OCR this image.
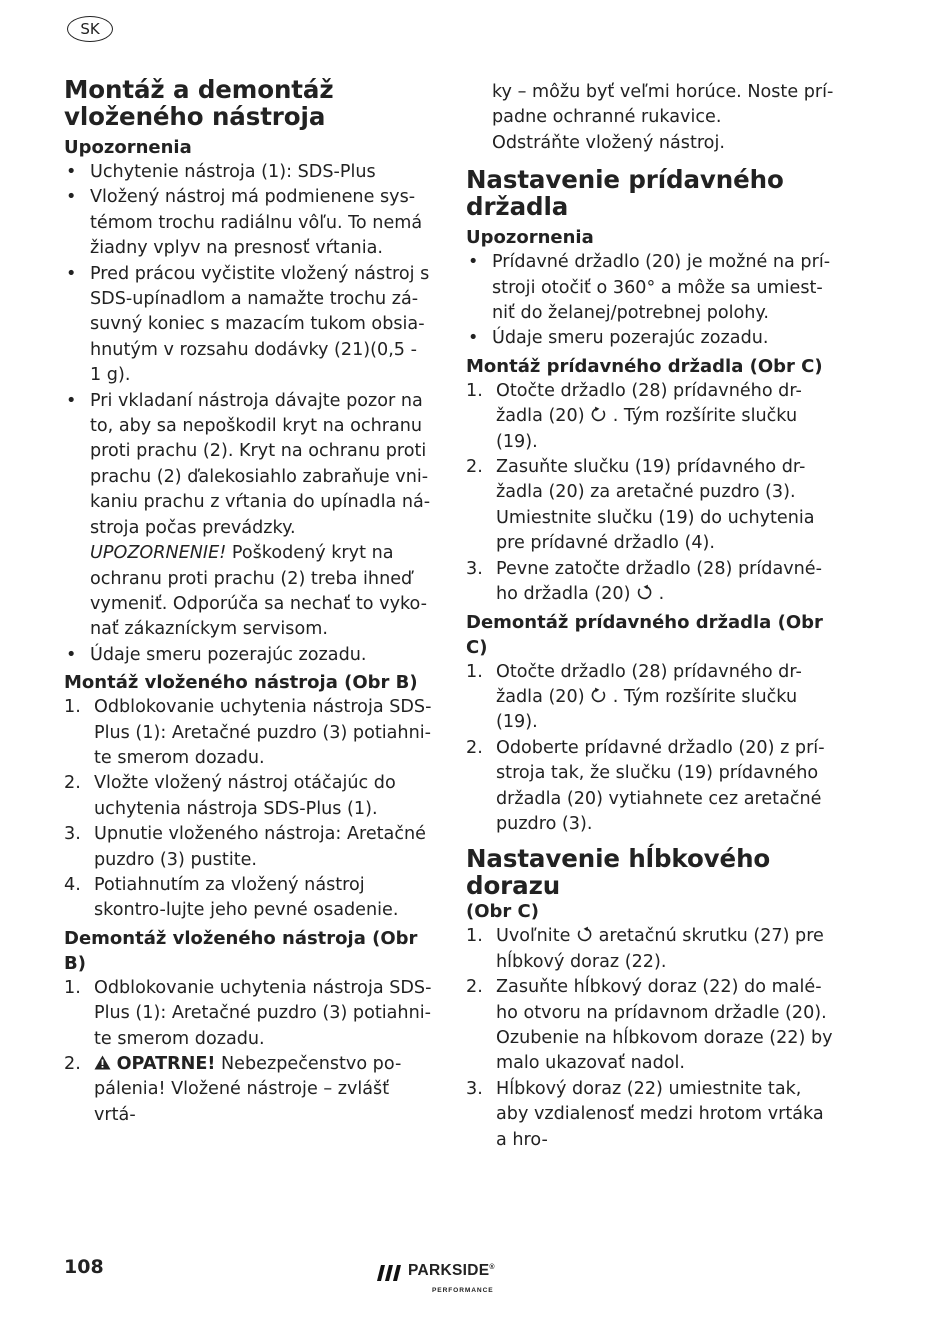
SK
Montáž a demontáž vloženého nástroja
Upozornenia
• Uchytenie nástroja (1): SDS-Plus
• Vložený nástroj má podmienene sys-témom trochu radiálnu vôľu. To nemá žiadny vplyv na presnosť vŕtania.
• Pred prácou vyčistite vložený nástroj s SDS-upínadlom a namažte trochu zá-suvný koniec s mazacím tukom obsia-hnutým v rozsahu dodávky (21)(0,5 - 1 g).
• Pri vkladaní nástroja dávajte pozor na to, aby sa nepoškodil kryt na ochranu proti prachu (2). Kryt na ochranu proti prachu (2) ďalekosiahlo zabraňuje vni-kaniu prachu z vŕtania do upínadla ná-stroja počas prevádzky.
UPOZORNENIE! Poškodený kryt na ochranu proti prachu (2) treba ihneď vymeniť. Odporúča sa nechať to vyko-nať zákazníckym servisom.
• Údaje smeru pozerajúc zozadu.
Montáž vloženého nástroja (Obr B)
1. Odblokovanie uchytenia nástroja SDS-Plus (1): Aretačné puzdro (3) potiahni-te smerom dozadu.
2. Vložte vložený nástroj otáčajúc do uchytenia nástroja SDS-Plus (1).
3. Upnutie vloženého nástroja: Aretačné puzdro (3) pustite.
4. Potiahnutím za vložený nástroj skontro-lujte jeho pevné osadenie.
Demontáž vloženého nástroja (Obr B)
1. Odblokovanie uchytenia nástroja SDS-Plus (1): Aretačné puzdro (3) potiahni-te smerom dozadu.
2. OPATRNE! Nebezpečenstvo po-pálenia! Vložené nástroje – zvlášť vrtá-

ky – môžu byť veľmi horúce. Noste prí-padne ochranné rukavice.

Odstráňte vložený nástroj.

Nastavenie prídavného držadla
Upozornenia
• Prídavné držadlo (20) je možné na prí-stroji otočiť o 360° a môže sa umiest-niť do želanej/potrebnej polohy.
• Údaje smeru pozerajúc zozadu.
Montáž prídavného držadla (Obr C)
1. Otočte držadlo (28) prídavného dr-žadla (20) . Tým rozšírite slučku (19).
2. Zasuňte slučku (19) prídavného dr-žadla (20) za aretačné puzdro (3). Umiestnite slučku (19) do uchytenia pre prídavné držadlo (4).
3. Pevne zatočte držadlo (28) prídavné-ho držadla (20) .
Demontáž prídavného držadla (Obr C)
1. Otočte držadlo (28) prídavného dr-žadla (20) . Tým rozšírite slučku (19).
2. Odoberte prídavné držadlo (20) z prí-stroja tak, že slučku (19) prídavného držadla (20) vytiahnete cez aretačné puzdro (3).
Nastavenie hĺbkového dorazu
(Obr C)
1. Uvoľnite aretačnú skrutku (27) pre hĺbkový doraz (22).
2. Zasuňte hĺbkový doraz (22) do malé-ho otvoru na prídavnom držadle (20). Ozubenie na hĺbkovom doraze (22) by malo ukazovať nadol.
3. Hĺbkový doraz (22) umiestnite tak, aby vzdialenosť medzi hrotom vrtáka a hro-
108	PARKSIDE®
PERFORMANCE
